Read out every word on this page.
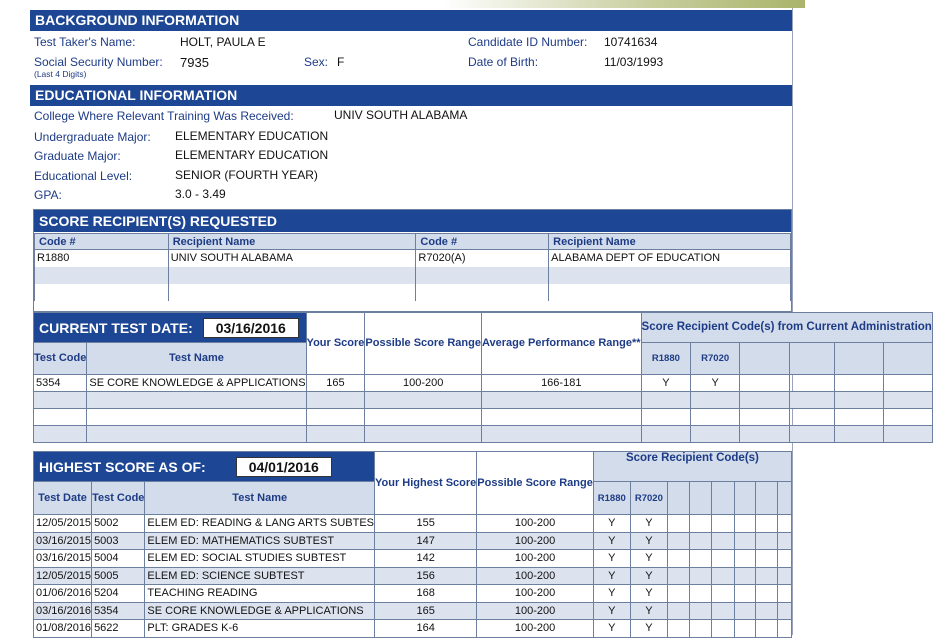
BACKGROUND INFORMATION
Test Taker's Name:	HOLT, PAULA E	Candidate ID Number: 10741634
Social Security Number:
(Last 4 Digits)
7935	Sex: F	Date of Birth:	11/03/1993
EDUCATIONAL INFORMATION
College Where Relevant Training Was Received:	UNIV SOUTH ALABAMA
Undergraduate Major: ELEMENTARY EDUCATION
Graduate Major:	ELEMENTARY EDUCATION
Educational Level:	SENIOR (FOURTH YEAR)
GPA:	3.0 - 3.49
SCORE RECIPIENT(S) REQUESTED
Code #	Recipient Name	Code #	Recipient Name
R1880	UNIV SOUTH ALABAMA	R7020(A)	ALABAMA DEPT OF EDUCATION

CURRENT TEST DATE: 03/16/2016		Your Score	Possible Score Range	Average Performance Range**	Score Recipient Code(s) from Current Administration					
Test Code	Test Name				R1880	R7020				
5354	SE CORE KNOWLEDGE & APPLICATIONS	165	100-200	166-181	Y	Y				

HIGHEST SCORE AS OF: 04/01/2016			Your Highest Score	Possible Score Range	Score Recipient Code(s)							
Test Date	Test Code	Test Name			R1880	R7020						
12/05/2015	5002	ELEM ED: READING & LANG ARTS SUBTES	155	100-200	Y	Y						
03/16/2015	5003	ELEM ED: MATHEMATICS SUBTEST	147	100-200	Y	Y						
03/16/2015	5004	ELEM ED: SOCIAL STUDIES SUBTEST	142	100-200	Y	Y						
12/05/2015	5005	ELEM ED: SCIENCE SUBTEST	156	100-200	Y	Y						
01/06/2016	5204	TEACHING READING	168	100-200	Y	Y						
03/16/2016	5354	SE CORE KNOWLEDGE & APPLICATIONS	165	100-200	Y	Y						
01/08/2016	5622	PLT: GRADES K-6	164	100-200	Y	Y						
